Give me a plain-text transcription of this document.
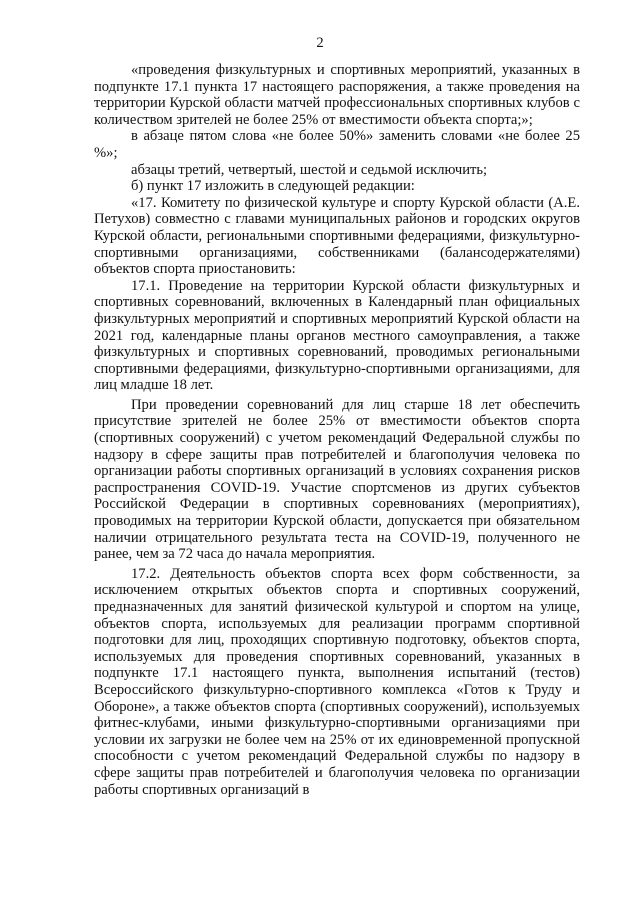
2

«проведения физкультурных и спортивных мероприятий, указанных в подпункте 17.1 пункта 17 настоящего распоряжения, а также проведения на территории Курской области матчей профессиональных спортивных клубов с количеством зрителей не более 25% от вместимости объекта спорта;»;

в абзаце пятом слова «не более 50%» заменить словами «не более 25 %»;

абзацы третий, четвертый, шестой и седьмой исключить;

б) пункт 17 изложить в следующей редакции:

«17. Комитету по физической культуре и спорту Курской области (А.Е. Петухов) совместно с главами муниципальных районов и городских округов Курской области, региональными спортивными федерациями, физкультурно-спортивными организациями, собственниками (балансодержателями) объектов спорта приостановить:

17.1. Проведение на территории Курской области физкультурных и спортивных соревнований, включенных в Календарный план официальных физкультурных мероприятий и спортивных мероприятий Курской области на 2021 год, календарные планы органов местного самоуправления, а также физкультурных и спортивных соревнований, проводимых региональными спортивными федерациями, физкультурно-спортивными организациями, для лиц младше 18 лет.

При проведении соревнований для лиц старше 18 лет обеспечить присутствие зрителей не более 25% от вместимости объектов спорта (спортивных сооружений) с учетом рекомендаций Федеральной службы по надзору в сфере защиты прав потребителей и благополучия человека по организации работы спортивных организаций в условиях сохранения рисков распространения COVID-19. Участие спортсменов из других субъектов Российской Федерации в спортивных соревнованиях (мероприятиях), проводимых на территории Курской области, допускается при обязательном наличии отрицательного результата теста на COVID-19, полученного не ранее, чем за 72 часа до начала мероприятия.

17.2. Деятельность объектов спорта всех форм собственности, за исключением открытых объектов спорта и спортивных сооружений, предназначенных для занятий физической культурой и спортом на улице, объектов спорта, используемых для реализации программ спортивной подготовки для лиц, проходящих спортивную подготовку, объектов спорта, используемых для проведения спортивных соревнований, указанных в подпункте 17.1 настоящего пункта, выполнения испытаний (тестов) Всероссийского физкультурно-спортивного комплекса «Готов к Труду и Обороне», а также объектов спорта (спортивных сооружений), используемых фитнес-клубами, иными физкультурно-спортивными организациями при условии их загрузки не более чем на 25% от их единовременной пропускной способности с учетом рекомендаций Федеральной службы по надзору в сфере защиты прав потребителей и благополучия человека по организации работы спортивных организаций в
